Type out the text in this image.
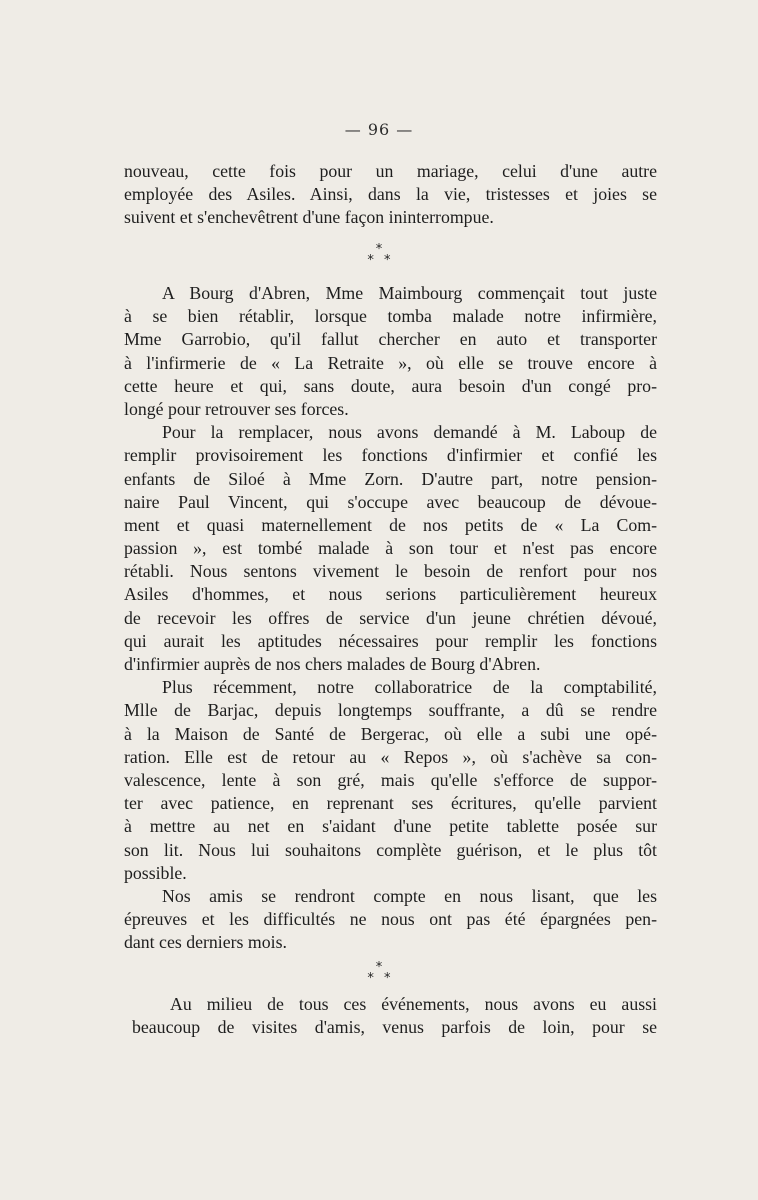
— 96 —
nouveau, cette fois pour un mariage, celui d'une autre
employée des Asiles. Ainsi, dans la vie, tristesses et joies se
suivent et s'enchevêtrent d'une façon ininterrompue.
*
* *
A Bourg d'Abren, Mme Maimbourg commençait tout juste
à se bien rétablir, lorsque tomba malade notre infirmière,
Mme Garrobio, qu'il fallut chercher en auto et transporter
à l'infirmerie de « La Retraite », où elle se trouve encore à
cette heure et qui, sans doute, aura besoin d'un congé pro-
longé pour retrouver ses forces.
Pour la remplacer, nous avons demandé à M. Laboup de
remplir provisoirement les fonctions d'infirmier et confié les
enfants de Siloé à Mme Zorn. D'autre part, notre pension-
naire Paul Vincent, qui s'occupe avec beaucoup de dévoue-
ment et quasi maternellement de nos petits de « La Com-
passion », est tombé malade à son tour et n'est pas encore
rétabli. Nous sentons vivement le besoin de renfort pour nos
Asiles d'hommes, et nous serions particulièrement heureux
de recevoir les offres de service d'un jeune chrétien dévoué,
qui aurait les aptitudes nécessaires pour remplir les fonctions
d'infirmier auprès de nos chers malades de Bourg d'Abren.
Plus récemment, notre collaboratrice de la comptabilité,
Mlle de Barjac, depuis longtemps souffrante, a dû se rendre
à la Maison de Santé de Bergerac, où elle a subi une opé-
ration. Elle est de retour au « Repos », où s'achève sa con-
valescence, lente à son gré, mais qu'elle s'efforce de suppor-
ter avec patience, en reprenant ses écritures, qu'elle parvient
à mettre au net en s'aidant d'une petite tablette posée sur
son lit. Nous lui souhaitons complète guérison, et le plus tôt
possible.
Nos amis se rendront compte en nous lisant, que les
épreuves et les difficultés ne nous ont pas été épargnées pen-
dant ces derniers mois.
*
* *
Au milieu de tous ces événements, nous avons eu aussi
beaucoup de visites d'amis, venus parfois de loin, pour se
